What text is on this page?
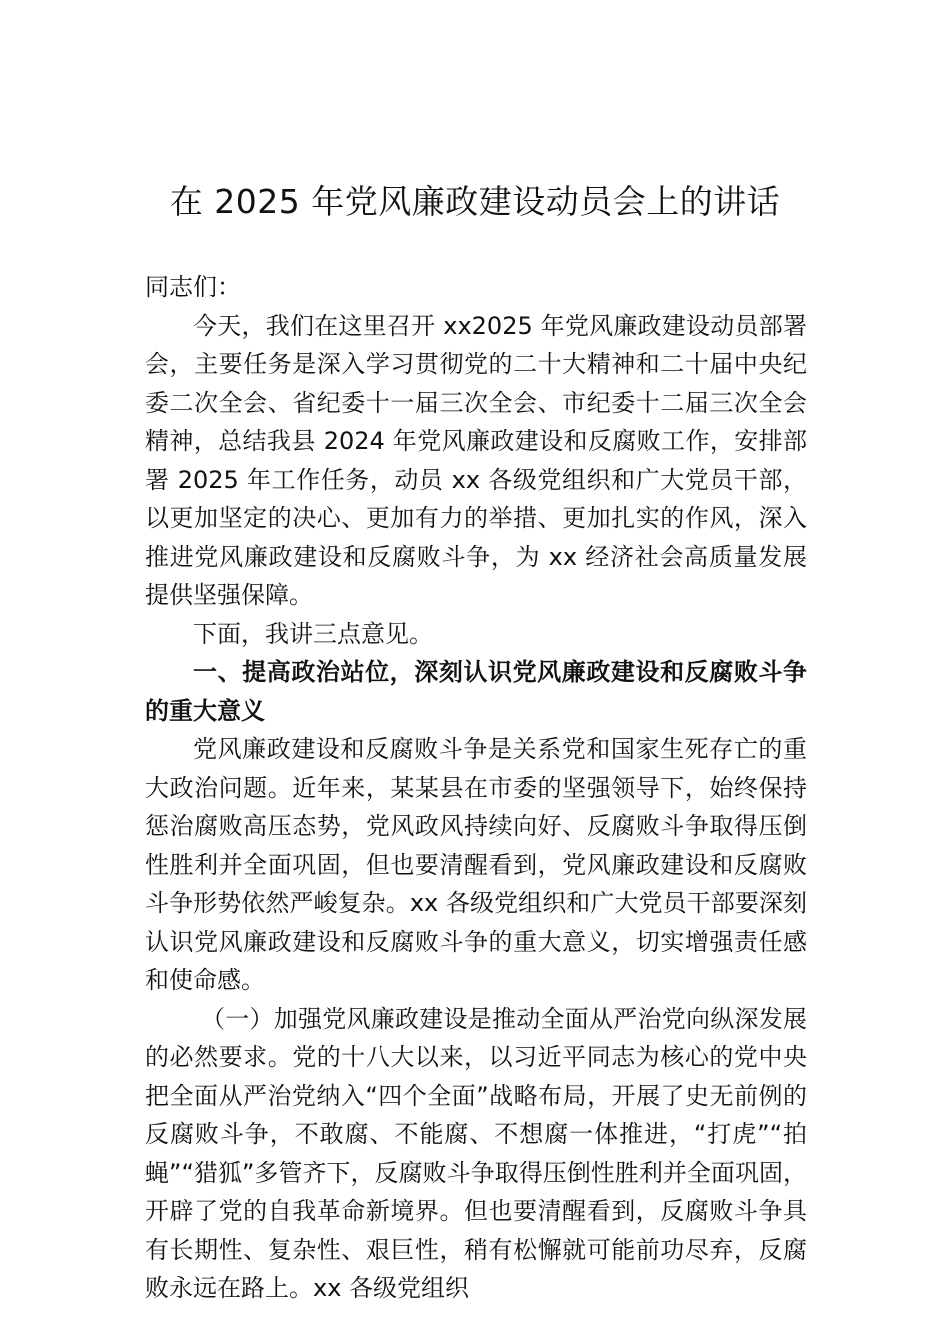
在 2025 年党风廉政建设动员会上的讲话

同志们：

今天，我们在这里召开 xx2025 年党风廉政建设动员部署会，主要任务是深入学习贯彻党的二十大精神和二十届中央纪委二次全会、省纪委十一届三次全会、市纪委十二届三次全会精神，总结我县 2024 年党风廉政建设和反腐败工作，安排部署 2025 年工作任务，动员 xx 各级党组织和广大党员干部，以更加坚定的决心、更加有力的举措、更加扎实的作风，深入推进党风廉政建设和反腐败斗争，为 xx 经济社会高质量发展提供坚强保障。

下面，我讲三点意见。

一、提高政治站位，深刻认识党风廉政建设和反腐败斗争的重大意义

党风廉政建设和反腐败斗争是关系党和国家生死存亡的重大政治问题。近年来，某某县在市委的坚强领导下，始终保持惩治腐败高压态势，党风政风持续向好、反腐败斗争取得压倒性胜利并全面巩固，但也要清醒看到，党风廉政建设和反腐败斗争形势依然严峻复杂。xx 各级党组织和广大党员干部要深刻认识党风廉政建设和反腐败斗争的重大意义，切实增强责任感和使命感。

（一）加强党风廉政建设是推动全面从严治党向纵深发展的必然要求。党的十八大以来，以习近平同志为核心的党中央把全面从严治党纳入“四个全面”战略布局，开展了史无前例的反腐败斗争，不敢腐、不能腐、不想腐一体推进，“打虎”“拍蝇”“猎狐”多管齐下，反腐败斗争取得压倒性胜利并全面巩固，开辟了党的自我革命新境界。但也要清醒看到，反腐败斗争具有长期性、复杂性、艰巨性，稍有松懈就可能前功尽弃，反腐败永远在路上。xx 各级党组织
